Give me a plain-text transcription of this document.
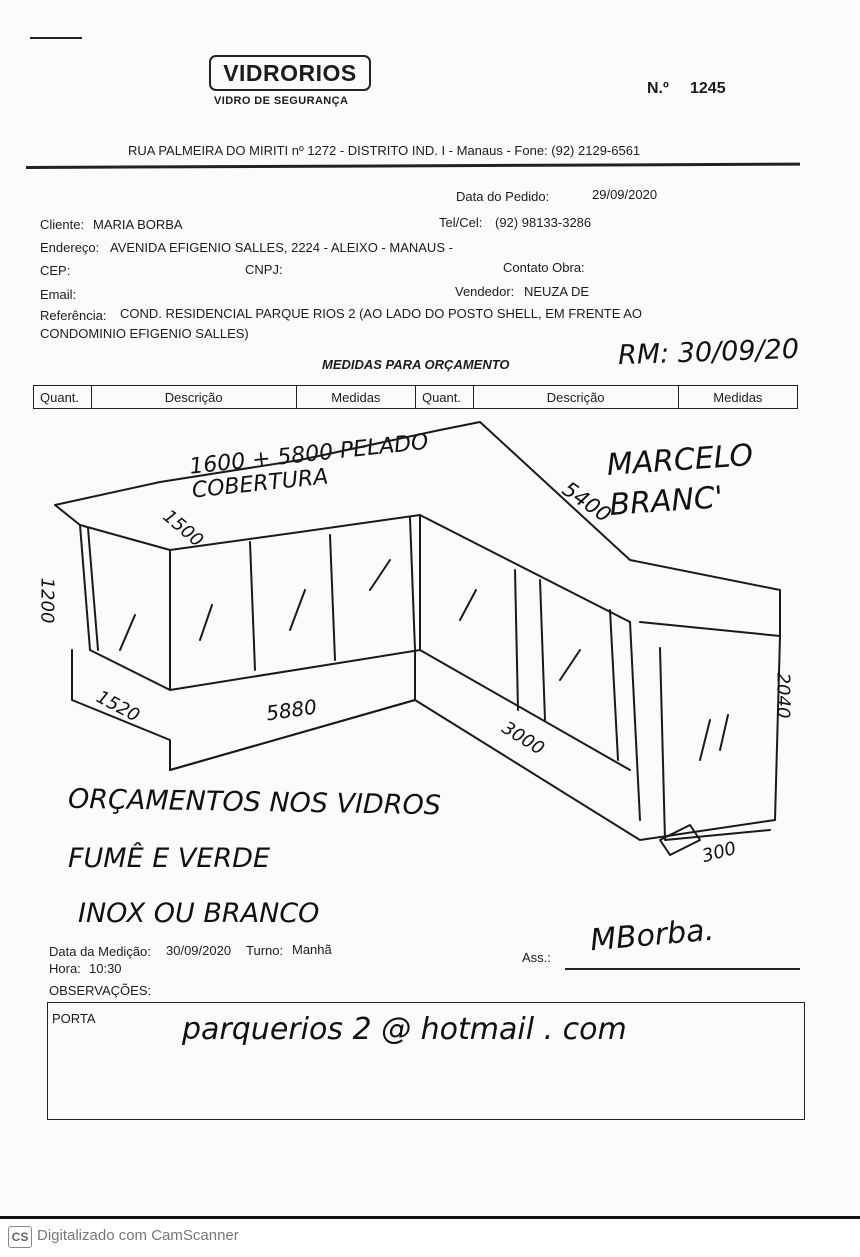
VIDRORIOS
VIDRO DE SEGURANÇA
N.º 1245
RUA PALMEIRA DO MIRITI nº 1272 - DISTRITO IND. I - Manaus - Fone: (92) 2129-6561
Data do Pedido:	29/09/2020
Cliente: MARIA BORBA	Tel/Cel: (92) 98133-3286
Endereço: AVENIDA EFIGENIO SALLES, 2224 - ALEIXO - MANAUS -
CEP:	CNPJ:	Contato Obra:
Email:	Vendedor: NEUZA DE
Referência: COND. RESIDENCIAL PARQUE RIOS 2 (AO LADO DO POSTO SHELL, EM FRENTE AO
CONDOMINIO EFIGENIO SALLES)
MEDIDAS PARA ORÇAMENTO
Quant.	Descrição	Medidas	Quant.	Descrição	Medidas
RM: 30/09/20
MARCELO BRANC'
1600 + 5800 PELADO COBERTURA
1500
5400
1200
1520	5880
3000
2040
300
ORÇAMENTOS NOS VIDROS
FUMÊ E VERDE
INOX OU BRANCO
Data da Medição: 30/09/2020 Turno: Manhã
Hora: 10:30
OBSERVAÇÕES:
Ass.: MBorba.
PORTA	parquerios 2 @ hotmail . com
CS Digitalizado com CamScanner
